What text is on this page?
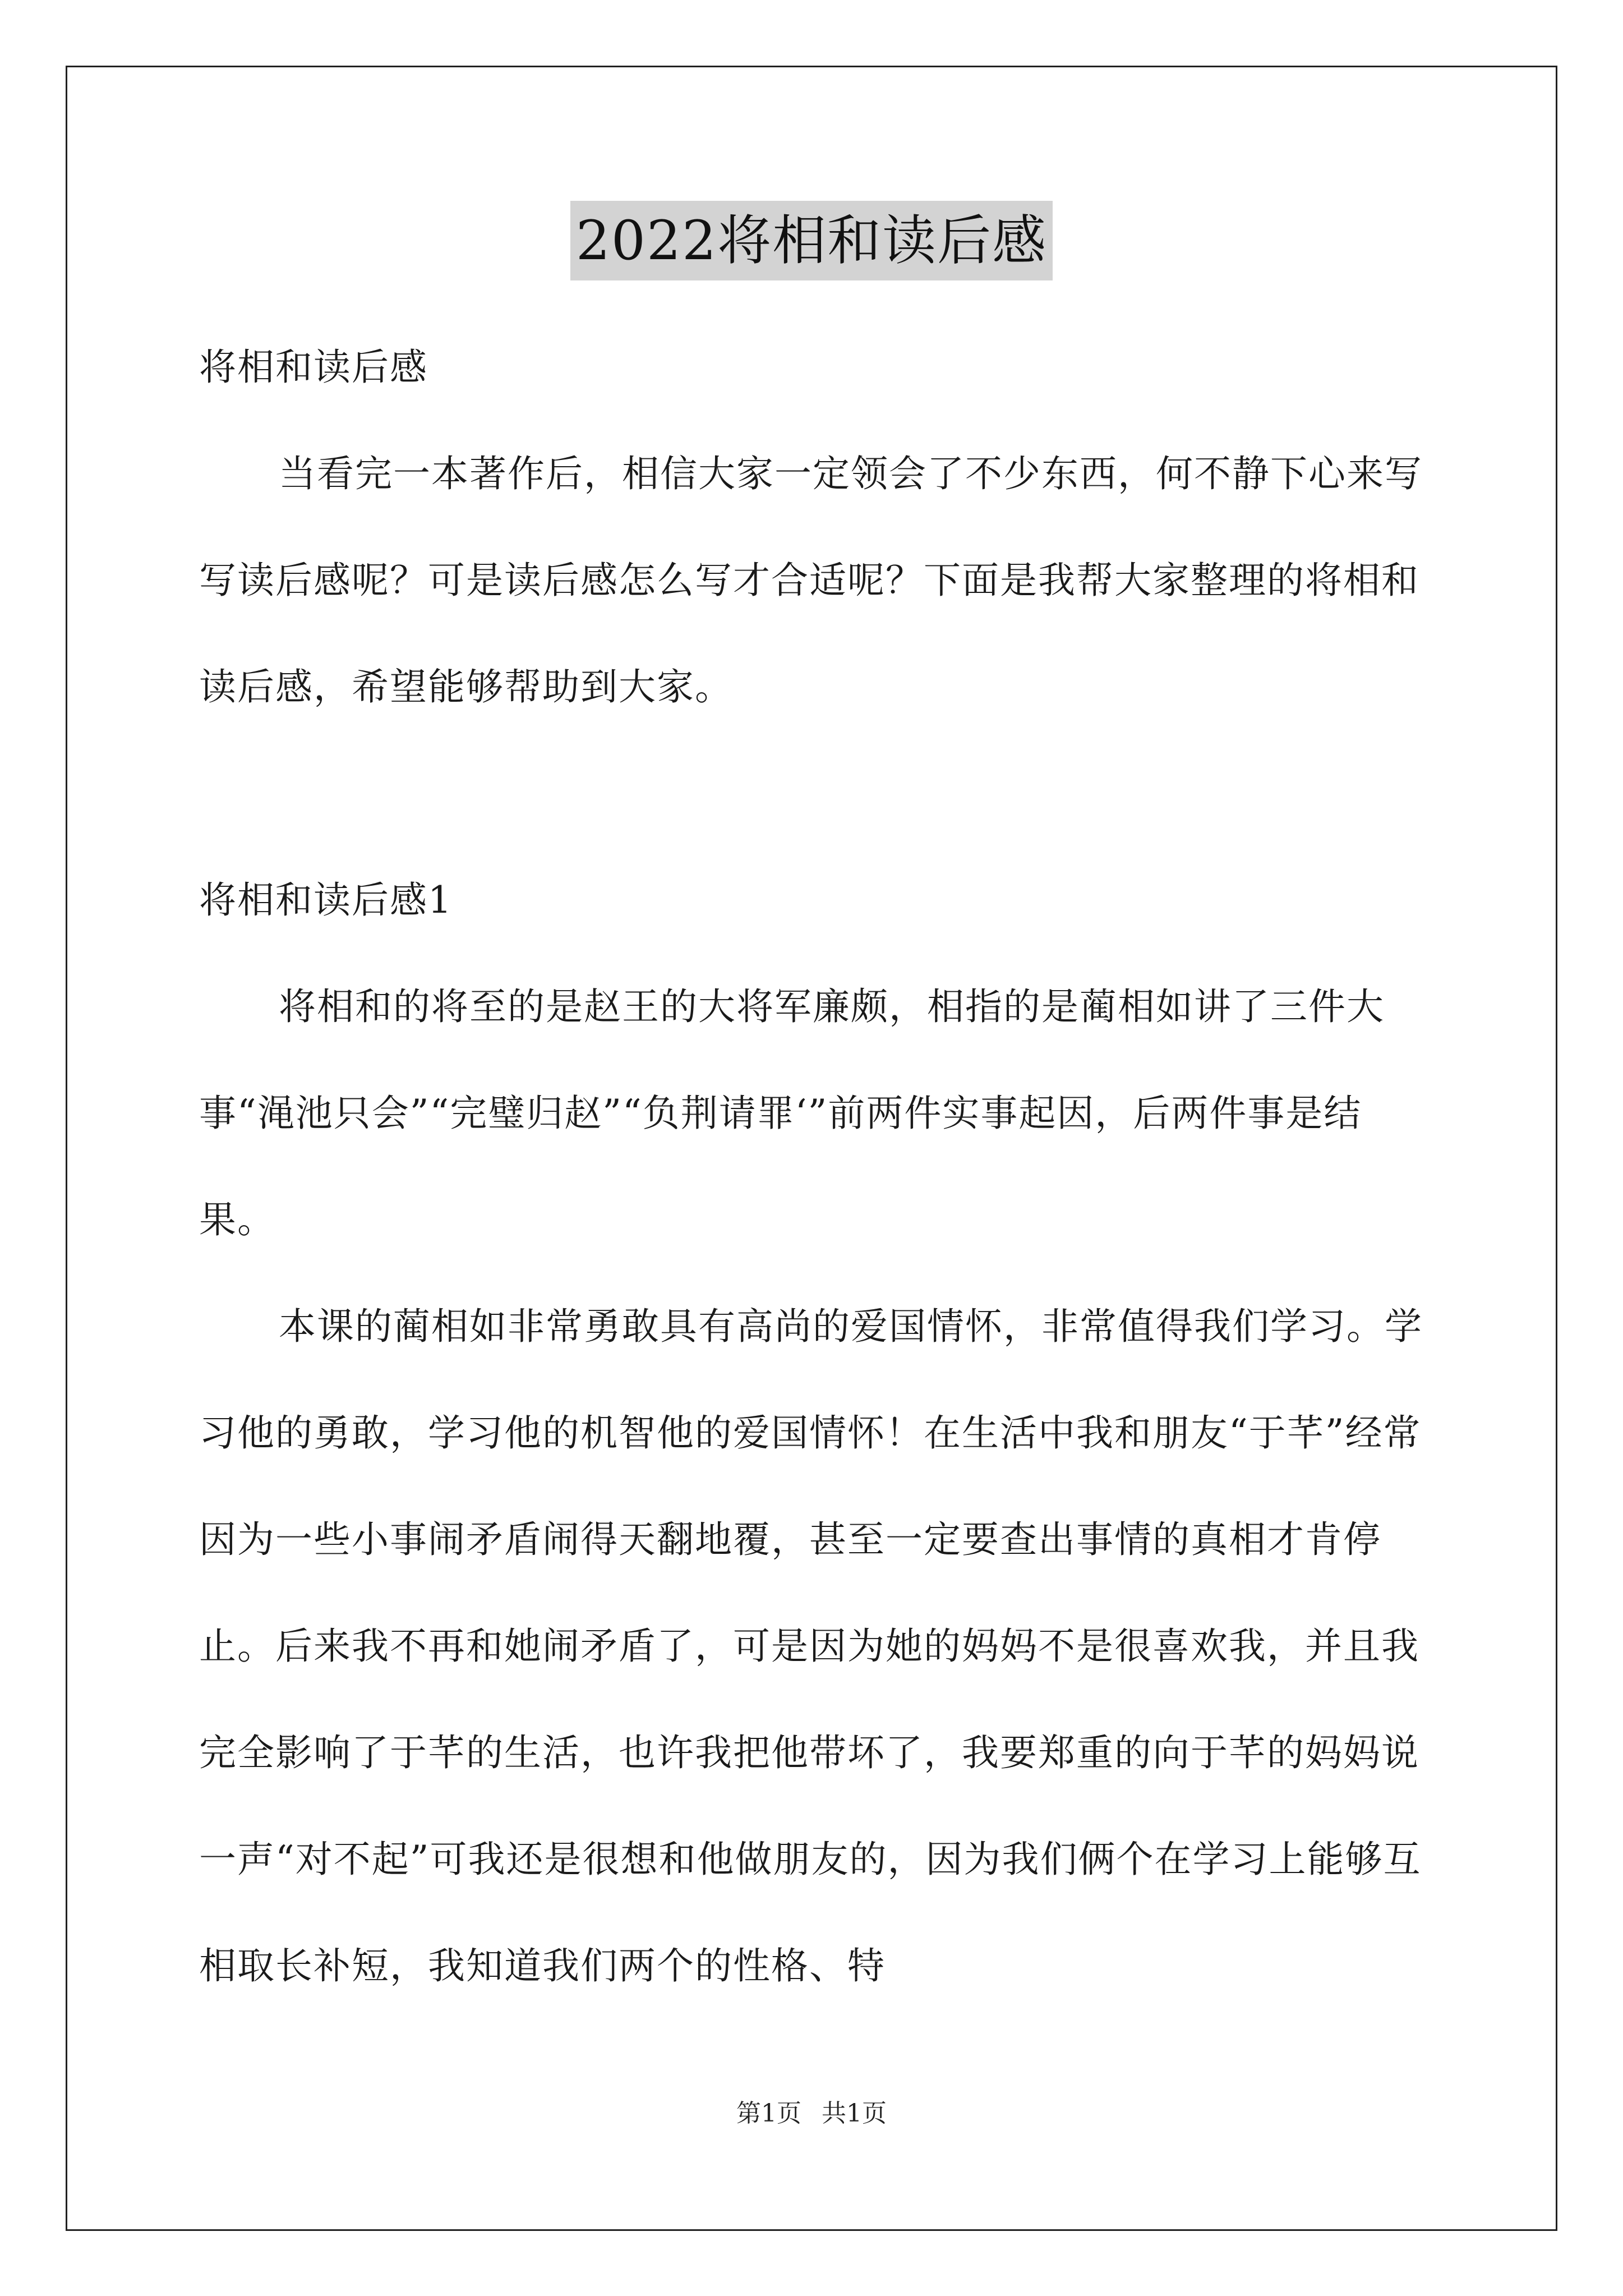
2022将相和读后感

将相和读后感

当看完一本著作后，相信大家一定领会了不少东西，何不静下心来写写读后感呢？可是读后感怎么写才合适呢？下面是我帮大家整理的将相和读后感，希望能够帮助到大家。

将相和读后感1

将相和的将至的是赵王的大将军廉颇，相指的是蔺相如讲了三件大事“渑池只会”“完璧归赵”“负荆请罪‘”前两件实事起因，后两件事是结果。

本课的蔺相如非常勇敢具有高尚的爱国情怀，非常值得我们学习。学习他的勇敢，学习他的机智他的爱国情怀！在生活中我和朋友“于芊”经常因为一些小事闹矛盾闹得天翻地覆，甚至一定要查出事情的真相才肯停止。后来我不再和她闹矛盾了，可是因为她的妈妈不是很喜欢我，并且我完全影响了于芊的生活，也许我把他带坏了，我要郑重的向于芊的妈妈说一声“对不起”可我还是很想和他做朋友的，因为我们俩个在学习上能够互相取长补短，我知道我们两个的性格、特

第1页 共1页
